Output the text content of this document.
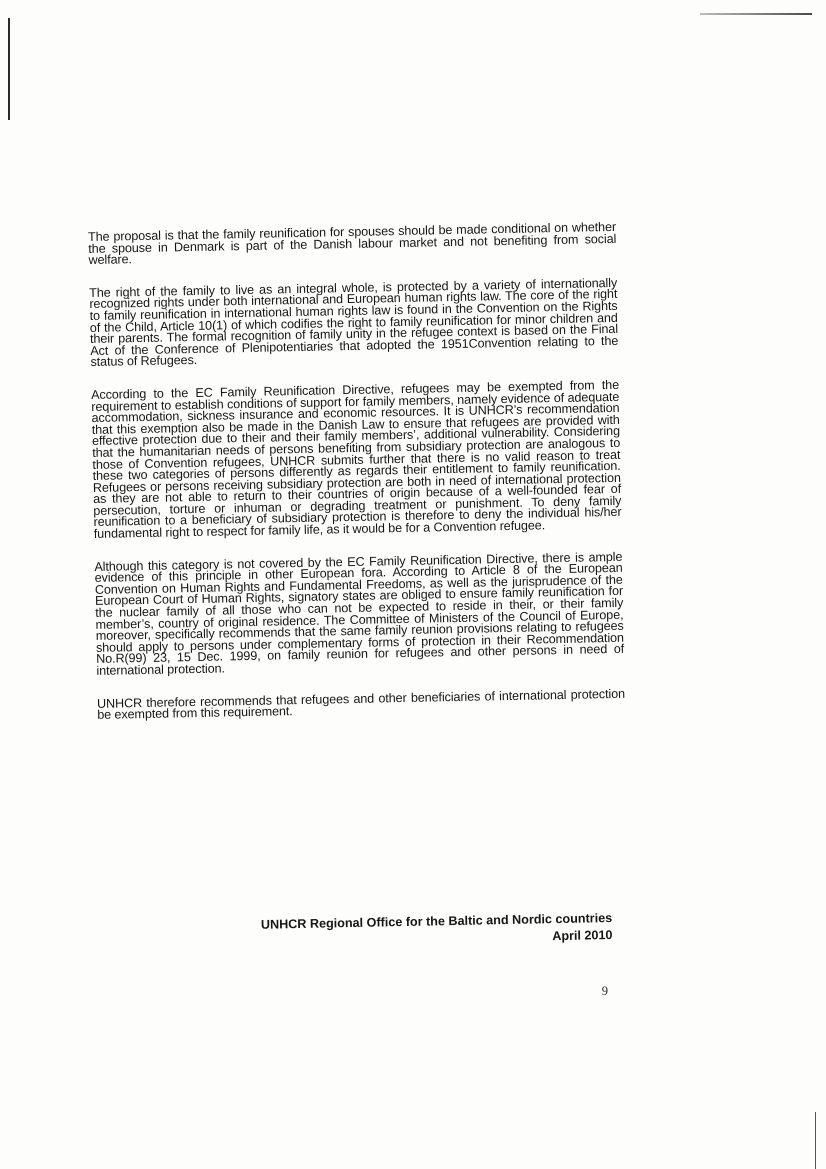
The proposal is that the family reunification for spouses should be made conditional on whether the spouse in Denmark is part of the Danish labour market and not benefiting from social welfare.

The right of the family to live as an integral whole, is protected by a variety of internationally recognized rights under both international and European human rights law. The core of the right to family reunification in international human rights law is found in the Convention on the Rights of the Child, Article 10(1) of which codifies the right to family reunification for minor children and their parents. The formal recognition of family unity in the refugee context is based on the Final Act of the Conference of Plenipotentiaries that adopted the 1951Convention relating to the status of Refugees.

According to the EC Family Reunification Directive, refugees may be exempted from the requirement to establish conditions of support for family members, namely evidence of adequate accommodation, sickness insurance and economic resources. It is UNHCR’s recommendation that this exemption also be made in the Danish Law to ensure that refugees are provided with effective protection due to their and their family members’, additional vulnerability. Considering that the humanitarian needs of persons benefiting from subsidiary protection are analogous to those of Convention refugees, UNHCR submits further that there is no valid reason to treat these two categories of persons differently as regards their entitlement to family reunification. Refugees or persons receiving subsidiary protection are both in need of international protection as they are not able to return to their countries of origin because of a well-founded fear of persecution, torture or inhuman or degrading treatment or punishment. To deny family reunification to a beneficiary of subsidiary protection is therefore to deny the individual his/her fundamental right to respect for family life, as it would be for a Convention refugee.

Although this category is not covered by the EC Family Reunification Directive, there is ample evidence of this principle in other European fora. According to Article 8 of the European Convention on Human Rights and Fundamental Freedoms, as well as the jurisprudence of the European Court of Human Rights, signatory states are obliged to ensure family reunification for the nuclear family of all those who can not be expected to reside in their, or their family member’s, country of original residence. The Committee of Ministers of the Council of Europe, moreover, specifically recommends that the same family reunion provisions relating to refugees should apply to persons under complementary forms of protection in their Recommendation No.R(99) 23, 15 Dec. 1999, on family reunion for refugees and other persons in need of international protection.

UNHCR therefore recommends that refugees and other beneficiaries of international protection be exempted from this requirement.

UNHCR Regional Office for the Baltic and Nordic countries
April 2010
9
